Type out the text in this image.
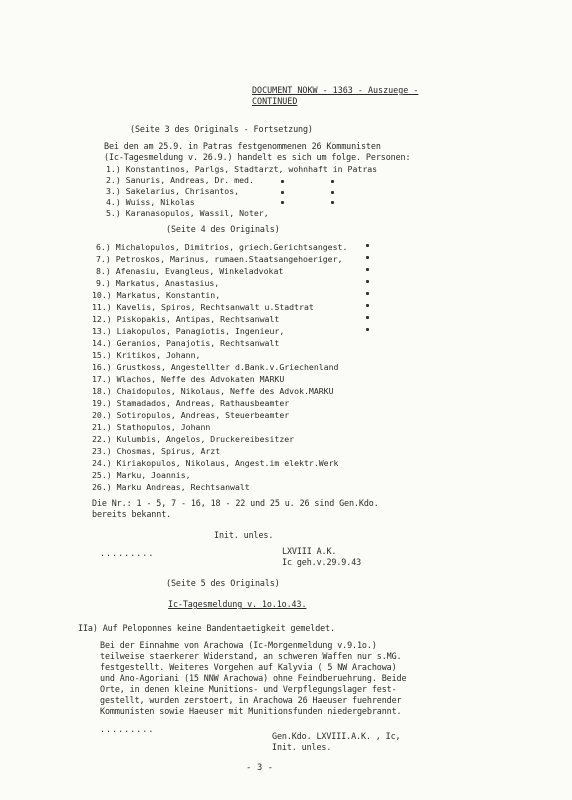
DOCUMENT NOKW - 1363 - Auszuege -
CONTINUED
(Seite 3 des Originals - Fortsetzung)
Bei den am 25.9. in Patras festgenommenen 26 Kommunisten
(Ic-Tagesmeldung v. 26.9.) handelt es sich um folge. Personen:
1.) Konstantinos, Parlgs, Stadtarzt, wohnhaft in Patras
2.) Sanuris, Andreas, Dr. med.
3.) Sakelarius, Chrisantos,
4.) Wuiss, Nikolas
5.) Karanasopulos, Wassil, Noter,
(Seite 4 des Originals)
6.) Michalopulos, Dimitrios, griech.Gerichtsangest.
7.) Petroskos, Marinus, rumaen.Staatsangehoeriger,
8.) Afenasiu, Evangleus, Winkeladvokat
9.) Markatus, Anastasius,
10.) Markatus, Konstantin,
11.) Kavelis, Spiros, Rechtsanwalt u.Stadtrat
12.) Piskopakis, Antipas, Rechtsanwalt
13.) Liakopulos, Panagiotis, Ingenieur,
14.) Geranios, Panajotis, Rechtsanwalt
15.) Kritikos, Johann,
16.) Grustkoss, Angestellter d.Bank.v.Griechenland
17.) Wlachos, Neffe des Advokaten MARKU
18.) Chaidopulos, Nikolaus, Neffe des Advok.MARKU
19.) Stamadados, Andreas, Rathausbeamter
20.) Sotiropulos, Andreas, Steuerbeamter
21.) Stathopulos, Johann
22.) Kulumbis, Angelos, Druckereibesitzer
23.) Chosmas, Spirus, Arzt
24.) Kiriakopulos, Nikolaus, Angest.im elektr.Werk
25.) Marku, Joannis,
26.) Marku Andreas, Rechtsanwalt
Die Nr.: 1 - 5, 7 - 16, 18 - 22 und 25 u. 26 sind Gen.Kdo.
bereits bekannt.
Init. unles.
.........	LXVIII A.K.
Ic geh.v.29.9.43
(Seite 5 des Originals)
Ic-Tagesmeldung v. 1o.1o.43.
IIa) Auf Peloponnes keine Bandentaetigkeit gemeldet.
Bei der Einnahme von Arachowa (Ic-Morgenmeldung v.9.1o.)
teilweise staerkerer Widerstand, an schweren Waffen nur s.MG.
festgestellt. Weiteres Vorgehen auf Kalyvia ( 5 NW Arachowa)
und Ano-Agoriani (15 NNW Arachowa) ohne Feindberuehrung. Beide
Orte, in denen kleine Munitions- und Verpflegungslager fest-
gestellt, wurden zerstoert, in Arachowa 26 Haeuser fuehrender
Kommunisten sowie Haeuser mit Munitionsfunden niedergebrannt.
.........
Gen.Kdo. LXVIII.A.K. , Ic,
Init. unles.
- 3 -
